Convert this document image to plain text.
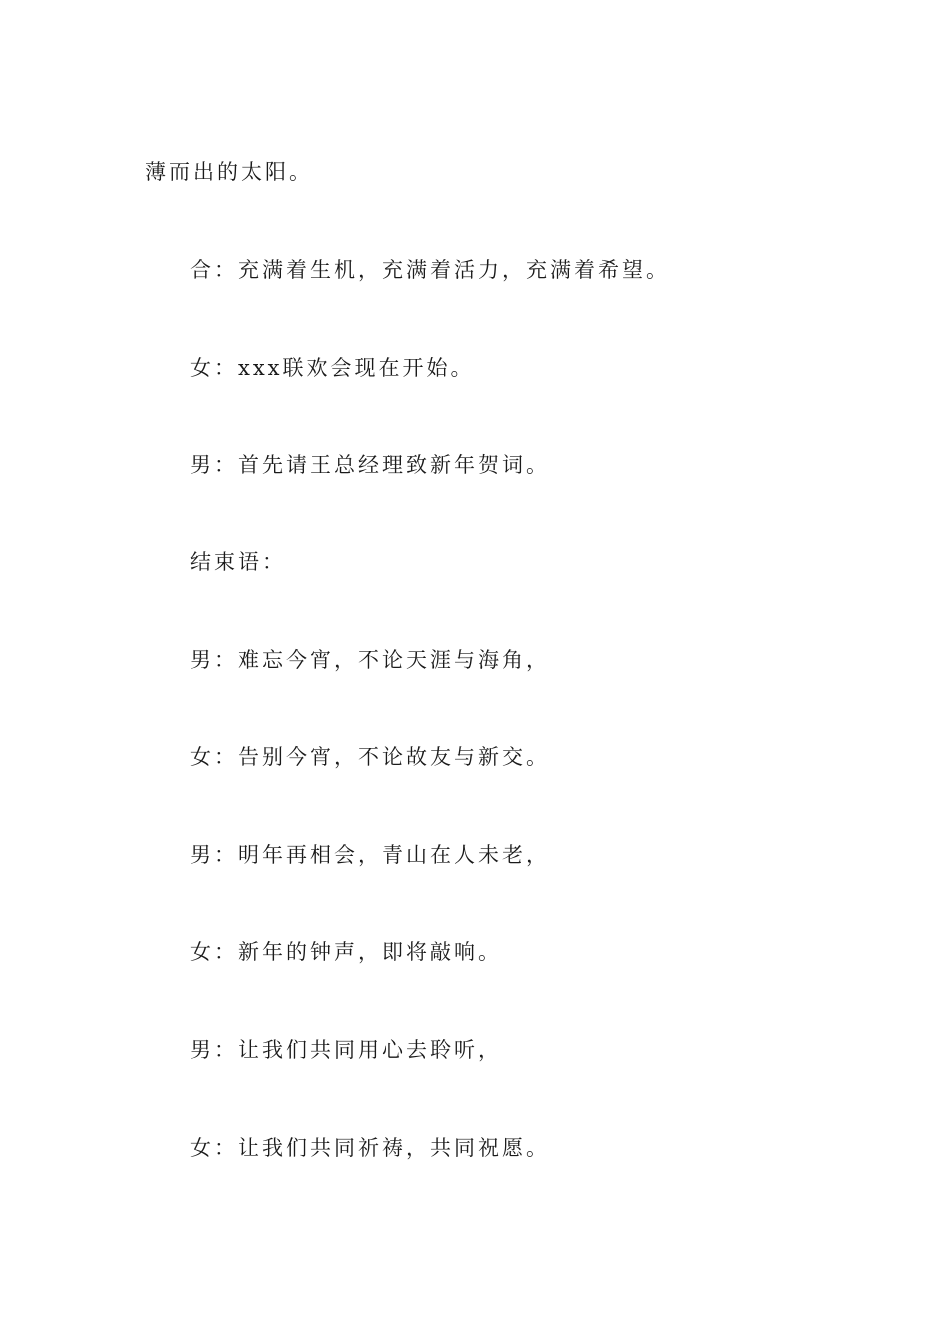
薄而出的太阳。

合：充满着生机，充满着活力，充满着希望。

女：xxx联欢会现在开始。

男：首先请王总经理致新年贺词。

结束语：

男：难忘今宵，不论天涯与海角，

女：告别今宵，不论故友与新交。

男：明年再相会，青山在人未老，

女：新年的钟声，即将敲响。

男：让我们共同用心去聆听，

女：让我们共同祈祷，共同祝愿。
